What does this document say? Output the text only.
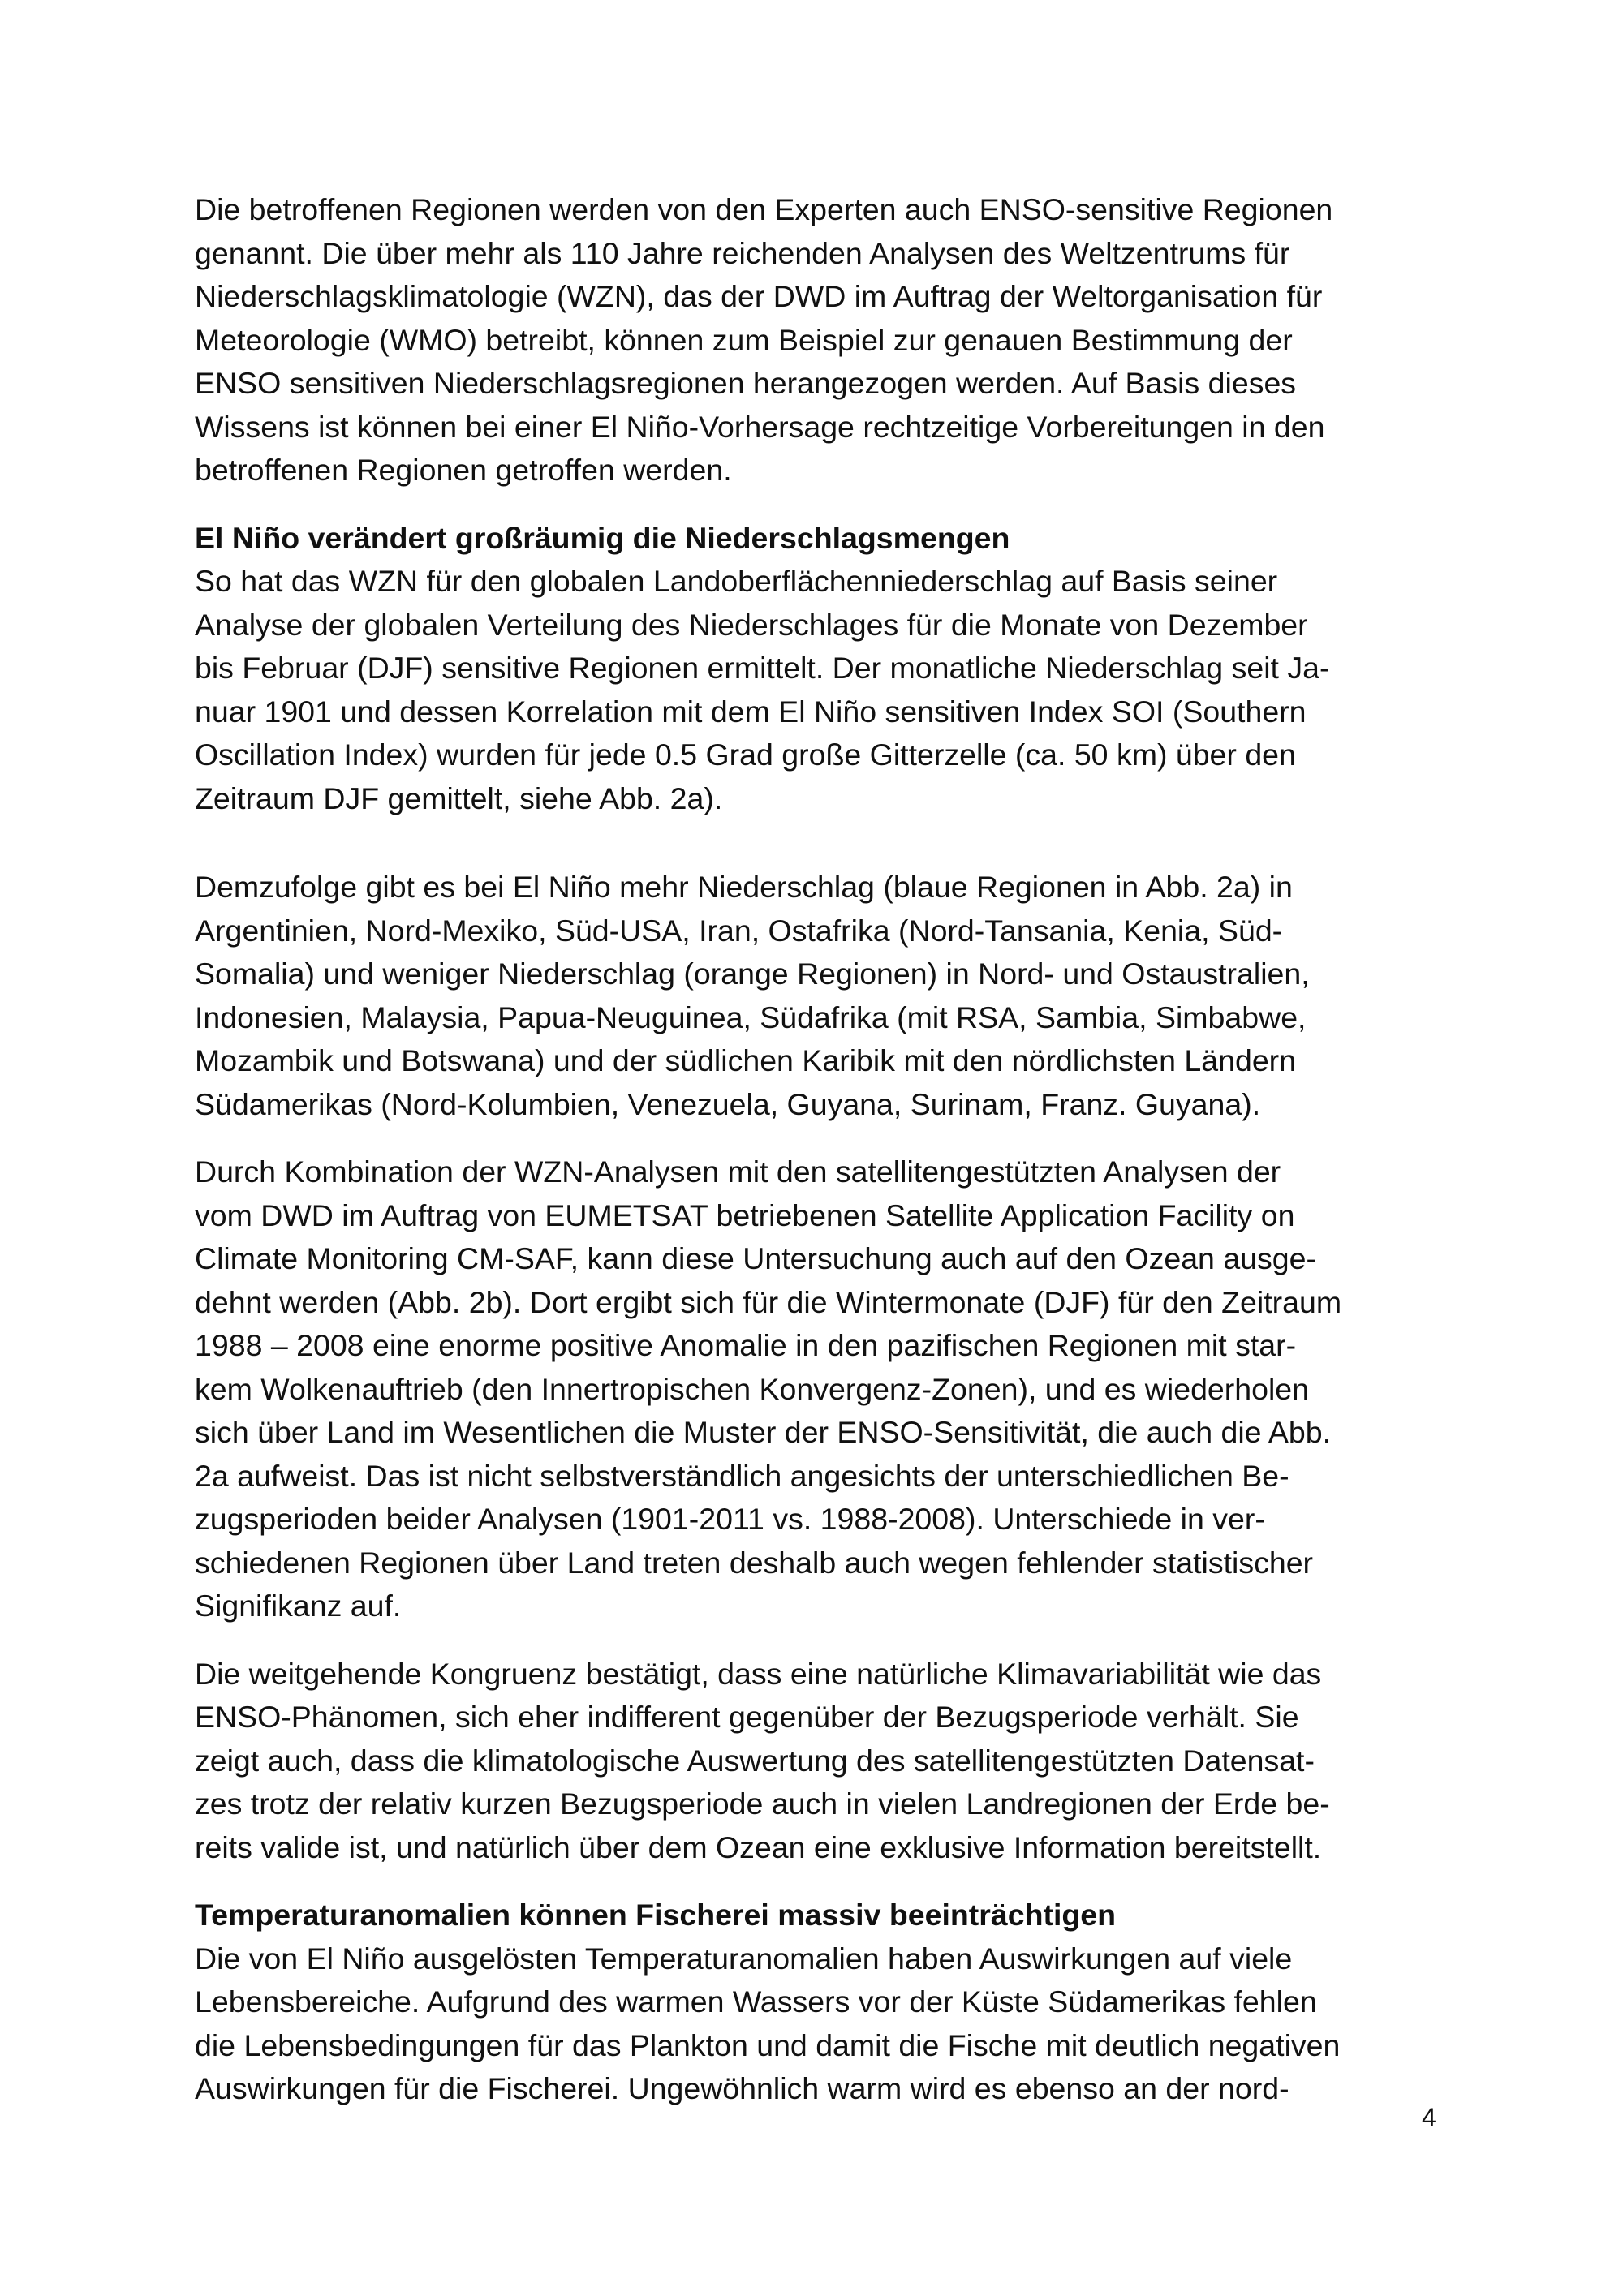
Die betroffenen Regionen werden von den Experten auch ENSO-sensitive Regionen
genannt. Die über mehr als 110 Jahre reichenden Analysen des Weltzentrums für
Niederschlagsklimatologie (WZN), das der DWD im Auftrag der Weltorganisation für
Meteorologie (WMO) betreibt, können zum Beispiel zur genauen Bestimmung der
ENSO sensitiven Niederschlagsregionen herangezogen werden. Auf Basis dieses
Wissens ist können bei einer El Niño-Vorhersage rechtzeitige Vorbereitungen in den
betroffenen Regionen getroffen werden.
El Niño verändert großräumig die Niederschlagsmengen
So hat das WZN für den globalen Landoberflächenniederschlag auf Basis seiner
Analyse der globalen Verteilung des Niederschlages für die Monate von Dezember
bis Februar (DJF) sensitive Regionen ermittelt. Der monatliche Niederschlag seit Ja-
nuar 1901 und dessen Korrelation mit dem El Niño sensitiven Index SOI (Southern
Oscillation Index) wurden für jede 0.5 Grad große Gitterzelle (ca. 50 km) über den
Zeitraum DJF gemittelt, siehe Abb. 2a).
Demzufolge gibt es bei El Niño mehr Niederschlag (blaue Regionen in Abb. 2a) in
Argentinien, Nord-Mexiko, Süd-USA, Iran, Ostafrika (Nord-Tansania, Kenia, Süd-
Somalia) und weniger Niederschlag (orange Regionen) in Nord- und Ostaustralien,
Indonesien, Malaysia, Papua-Neuguinea, Südafrika (mit RSA, Sambia, Simbabwe,
Mozambik und Botswana) und der südlichen Karibik mit den nördlichsten Ländern
Südamerikas (Nord-Kolumbien, Venezuela, Guyana, Surinam, Franz. Guyana).
Durch Kombination der WZN-Analysen mit den satellitengestützten Analysen der
vom DWD im Auftrag von EUMETSAT betriebenen Satellite Application Facility on
Climate Monitoring CM-SAF, kann diese Untersuchung auch auf den Ozean ausge-
dehnt werden (Abb. 2b). Dort ergibt sich für die Wintermonate (DJF) für den Zeitraum
1988 – 2008 eine enorme positive Anomalie in den pazifischen Regionen mit star-
kem Wolkenauftrieb (den Innertropischen Konvergenz-Zonen), und es wiederholen
sich über Land im Wesentlichen die Muster der ENSO-Sensitivität, die auch die Abb.
2a aufweist. Das ist nicht selbstverständlich angesichts der unterschiedlichen Be-
zugsperioden beider Analysen (1901-2011 vs. 1988-2008). Unterschiede in ver-
schiedenen Regionen über Land treten deshalb auch wegen fehlender statistischer
Signifikanz auf.
Die weitgehende Kongruenz bestätigt, dass eine natürliche Klimavariabilität wie das
ENSO-Phänomen, sich eher indifferent gegenüber der Bezugsperiode verhält. Sie
zeigt auch, dass die klimatologische Auswertung des satellitengestützten Datensat-
zes trotz der relativ kurzen Bezugsperiode auch in vielen Landregionen der Erde be-
reits valide ist, und natürlich über dem Ozean eine exklusive Information bereitstellt.
Temperaturanomalien können Fischerei massiv beeinträchtigen
Die von El Niño ausgelösten Temperaturanomalien haben Auswirkungen auf viele
Lebensbereiche. Aufgrund des warmen Wassers vor der Küste Südamerikas fehlen
die Lebensbedingungen für das Plankton und damit die Fische mit deutlich negativen
Auswirkungen für die Fischerei. Ungewöhnlich warm wird es ebenso an der nord-
4
